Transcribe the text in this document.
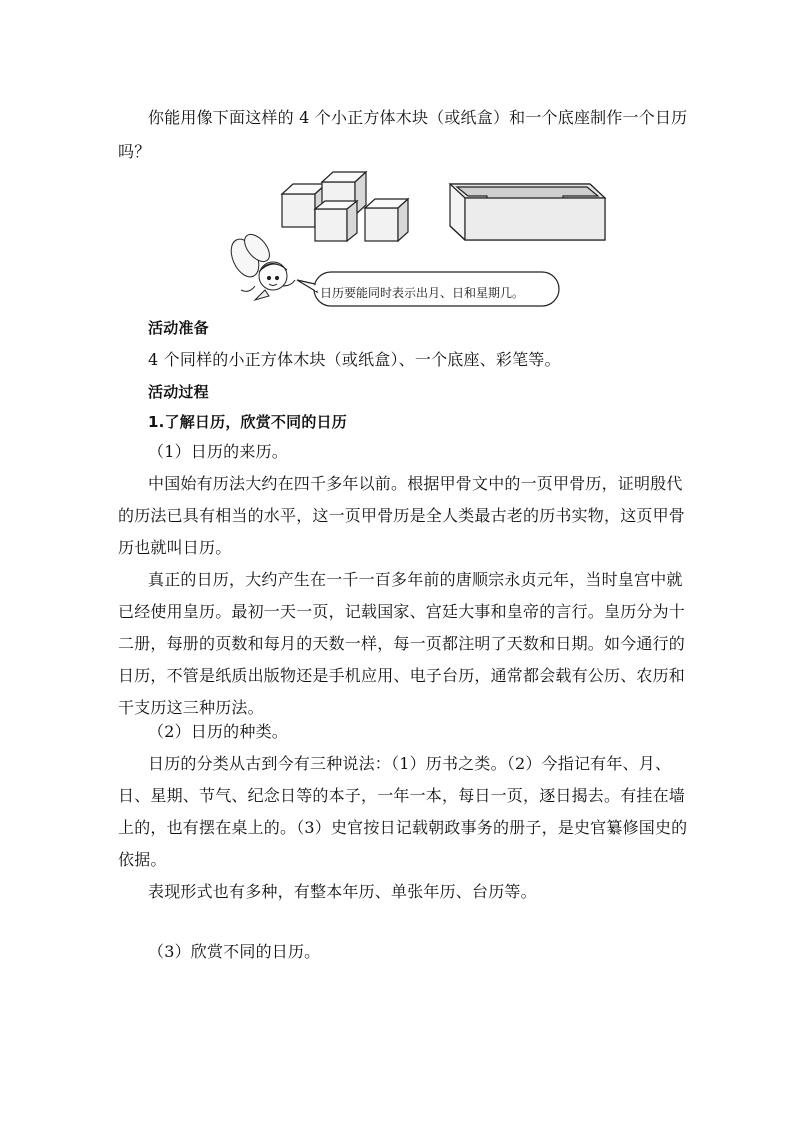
你能用像下面这样的 4 个小正方体木块（或纸盒）和一个底座制作一个日历
吗？
日历要能同时表示出月、日和星期几。
活动准备
4 个同样的小正方体木块（或纸盒）、一个底座、彩笔等。
活动过程
1.了解日历，欣赏不同的日历
（1）日历的来历。
中国始有历法大约在四千多年以前。根据甲骨文中的一页甲骨历，证明殷代
的历法已具有相当的水平，这一页甲骨历是全人类最古老的历书实物，这页甲骨
历也就叫日历。
真正的日历，大约产生在一千一百多年前的唐顺宗永贞元年，当时皇宫中就
已经使用皇历。最初一天一页，记载国家、宫廷大事和皇帝的言行。皇历分为十
二册，每册的页数和每月的天数一样，每一页都注明了天数和日期。如今通行的
日历，不管是纸质出版物还是手机应用、电子台历，通常都会载有公历、农历和
干支历这三种历法。
（2）日历的种类。
日历的分类从古到今有三种说法：（1）历书之类。（2）今指记有年、月、
日、星期、节气、纪念日等的本子，一年一本，每日一页，逐日揭去。有挂在墙
上的，也有摆在桌上的。（3）史官按日记载朝政事务的册子，是史官纂修国史的
依据。
表现形式也有多种，有整本年历、单张年历、台历等。
（3）欣赏不同的日历。
